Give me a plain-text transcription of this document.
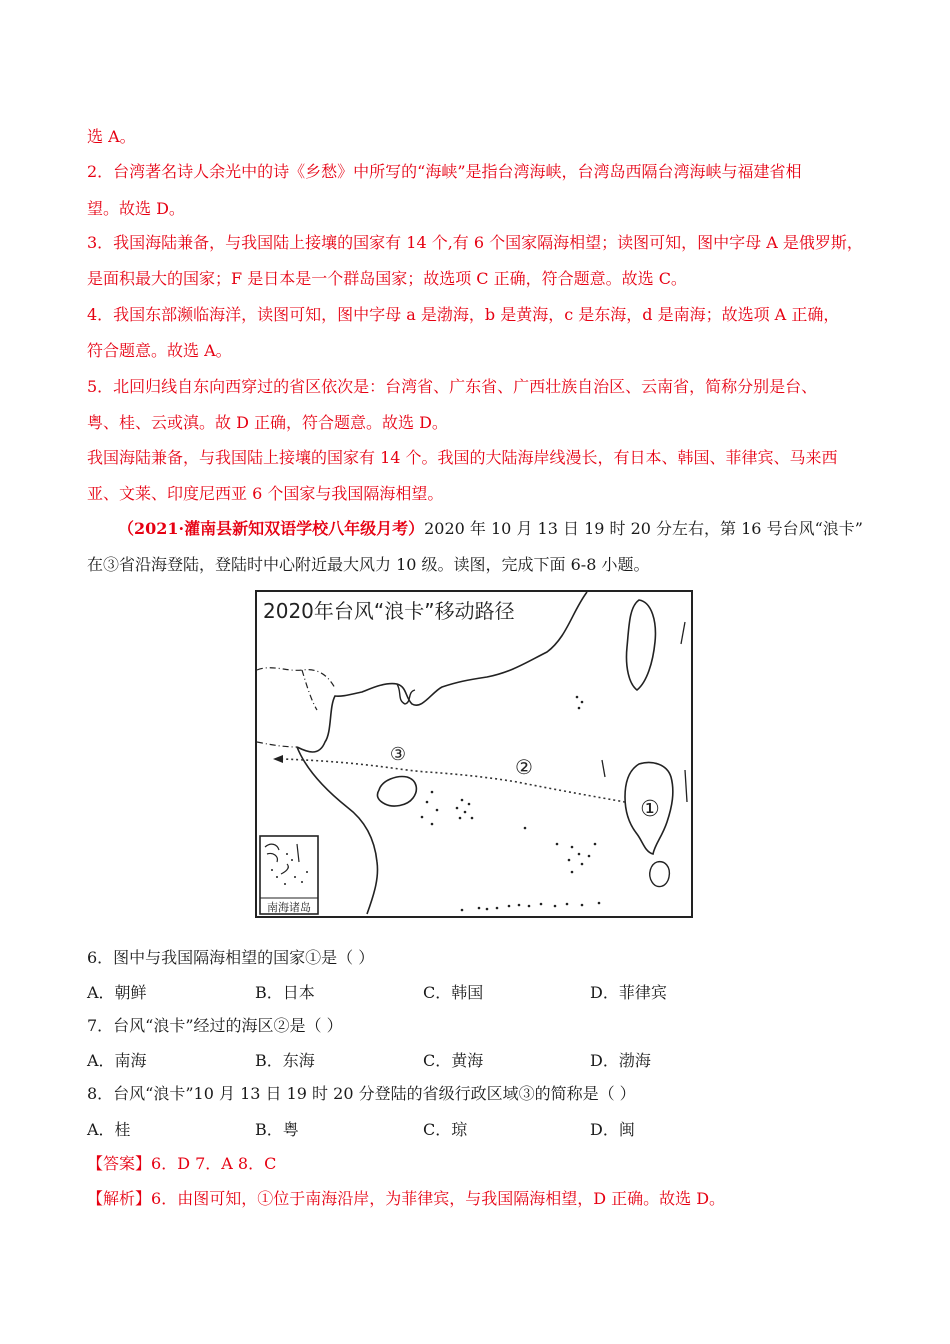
选 A。
2．台湾著名诗人余光中的诗《乡愁》中所写的“海峡”是指台湾海峡，台湾岛西隔台湾海峡与福建省相
望。故选 D。
3．我国海陆兼备，与我国陆上接壤的国家有 14 个,有 6 个国家隔海相望；读图可知，图中字母 A 是俄罗斯，
是面积最大的国家；F 是日本是一个群岛国家；故选项 C 正确，符合题意。故选 C。
4．我国东部濒临海洋，读图可知，图中字母 a 是渤海，b 是黄海，c 是东海，d 是南海；故选项 A 正确，
符合题意。故选 A。
5．北回归线自东向西穿过的省区依次是：台湾省、广东省、广西壮族自治区、云南省，简称分别是台、
粤、桂、云或滇。故 D 正确，符合题意。故选 D。
我国海陆兼备，与我国陆上接壤的国家有 14 个。我国的大陆海岸线漫长，有日本、韩国、菲律宾、马来西
亚、文莱、印度尼西亚 6 个国家与我国隔海相望。
（2021·灌南县新知双语学校八年级月考）2020 年 10 月 13 日 19 时 20 分左右，第 16 号台风“浪卡”
在③省沿海登陆，登陆时中心附近最大风力 10 级。读图，完成下面 6-8 小题。
2020年台风“浪卡”移动路径
③
②
①
南海诸岛
6．图中与我国隔海相望的国家①是（ ）
A．朝鲜	B．日本	C．韩国	D．菲律宾
7．台风“浪卡”经过的海区②是（ ）
A．南海	B．东海	C．黄海	D．渤海
8．台风“浪卡”10 月 13 日 19 时 20 分登陆的省级行政区域③的简称是（ ）
A．桂	B．粤	C．琼	D．闽
【答案】6．D 7．A 8．C
【解析】6．由图可知，①位于南海沿岸，为菲律宾，与我国隔海相望，D 正确。故选 D。
